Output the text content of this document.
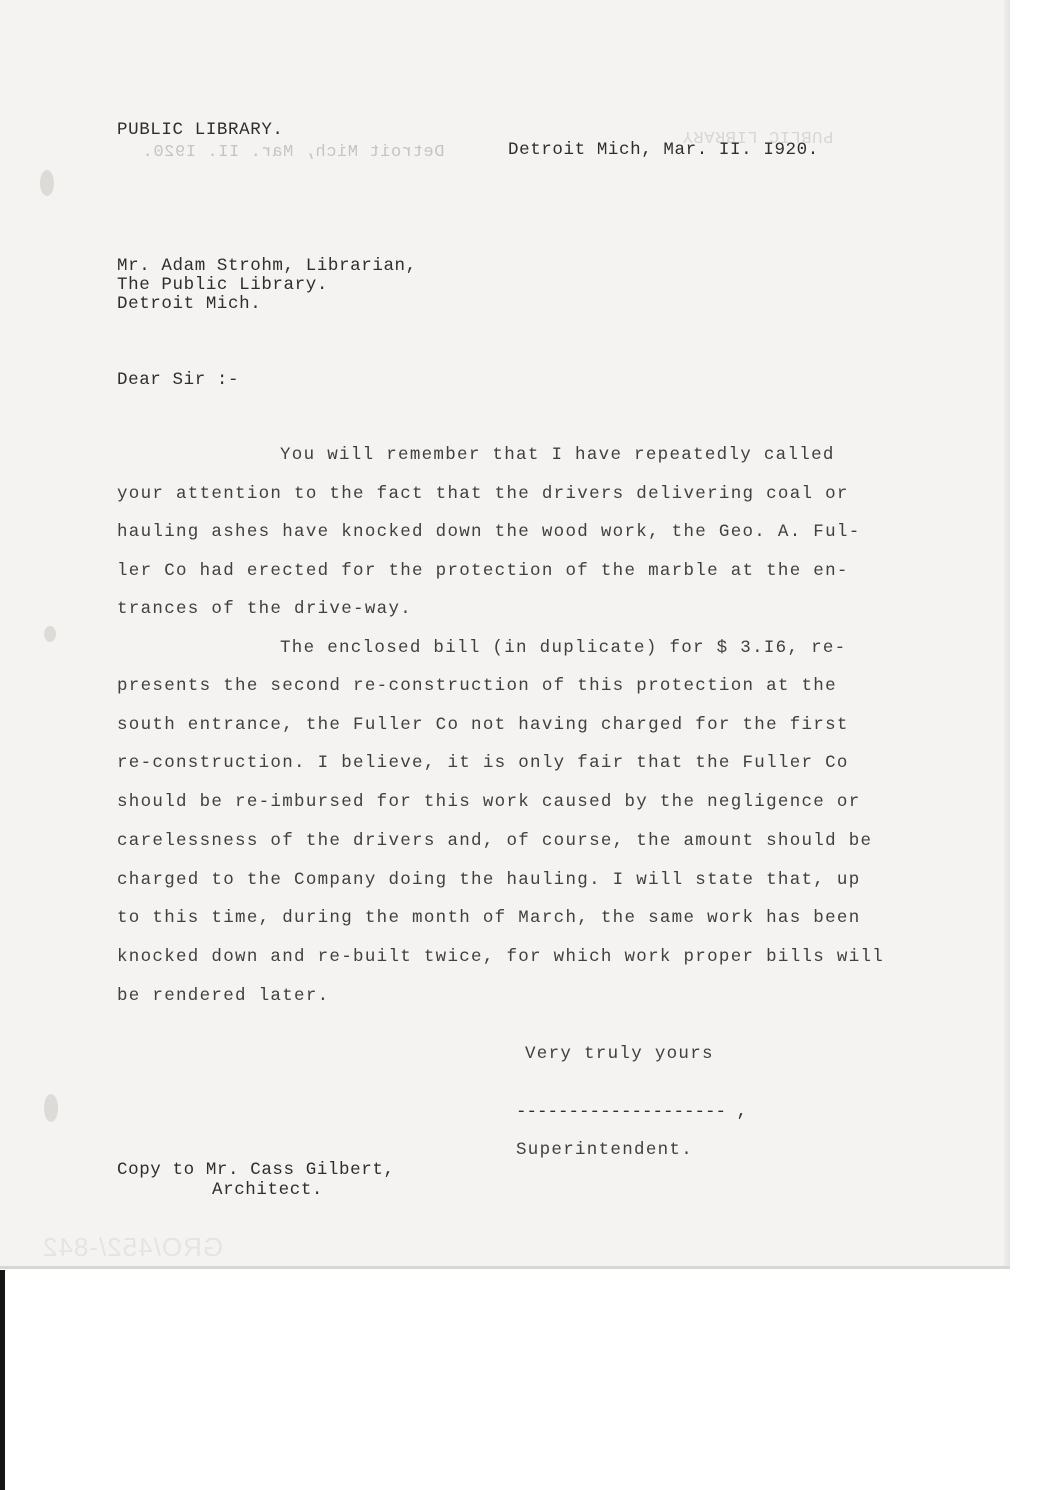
Detroit Mich, Mar. II. I920.
PUBLIC LIBRARY
PUBLIC LIBRARY.
Detroit Mich, Mar. II. I920.
Mr. Adam Strohm, Librarian,
The Public Library.
Detroit Mich.
Dear Sir :-
You will remember that I have repeatedly called
your attention to the fact that the drivers delivering coal or
hauling ashes have knocked down the wood work, the Geo. A. Ful-
ler Co had erected for the protection of the marble at the en-
trances of the drive-way.
The enclosed bill (in duplicate) for $ 3.I6, re-
presents the second re-construction of this protection at the
south entrance, the Fuller Co not having charged for the first
re-construction. I believe, it is only fair that the Fuller Co
should be re-imbursed for this work caused by the negligence or
carelessness of the drivers and, of course, the amount should be
charged to the Company doing the hauling. I will state that, up
to this time, during the month of March, the same work has been
knocked down and re-built twice, for which work proper bills will
be rendered later.
Very truly yours
-------------------- ,
Superintendent.
Copy to Mr. Cass Gilbert,
Architect.
GRO/452/-842
